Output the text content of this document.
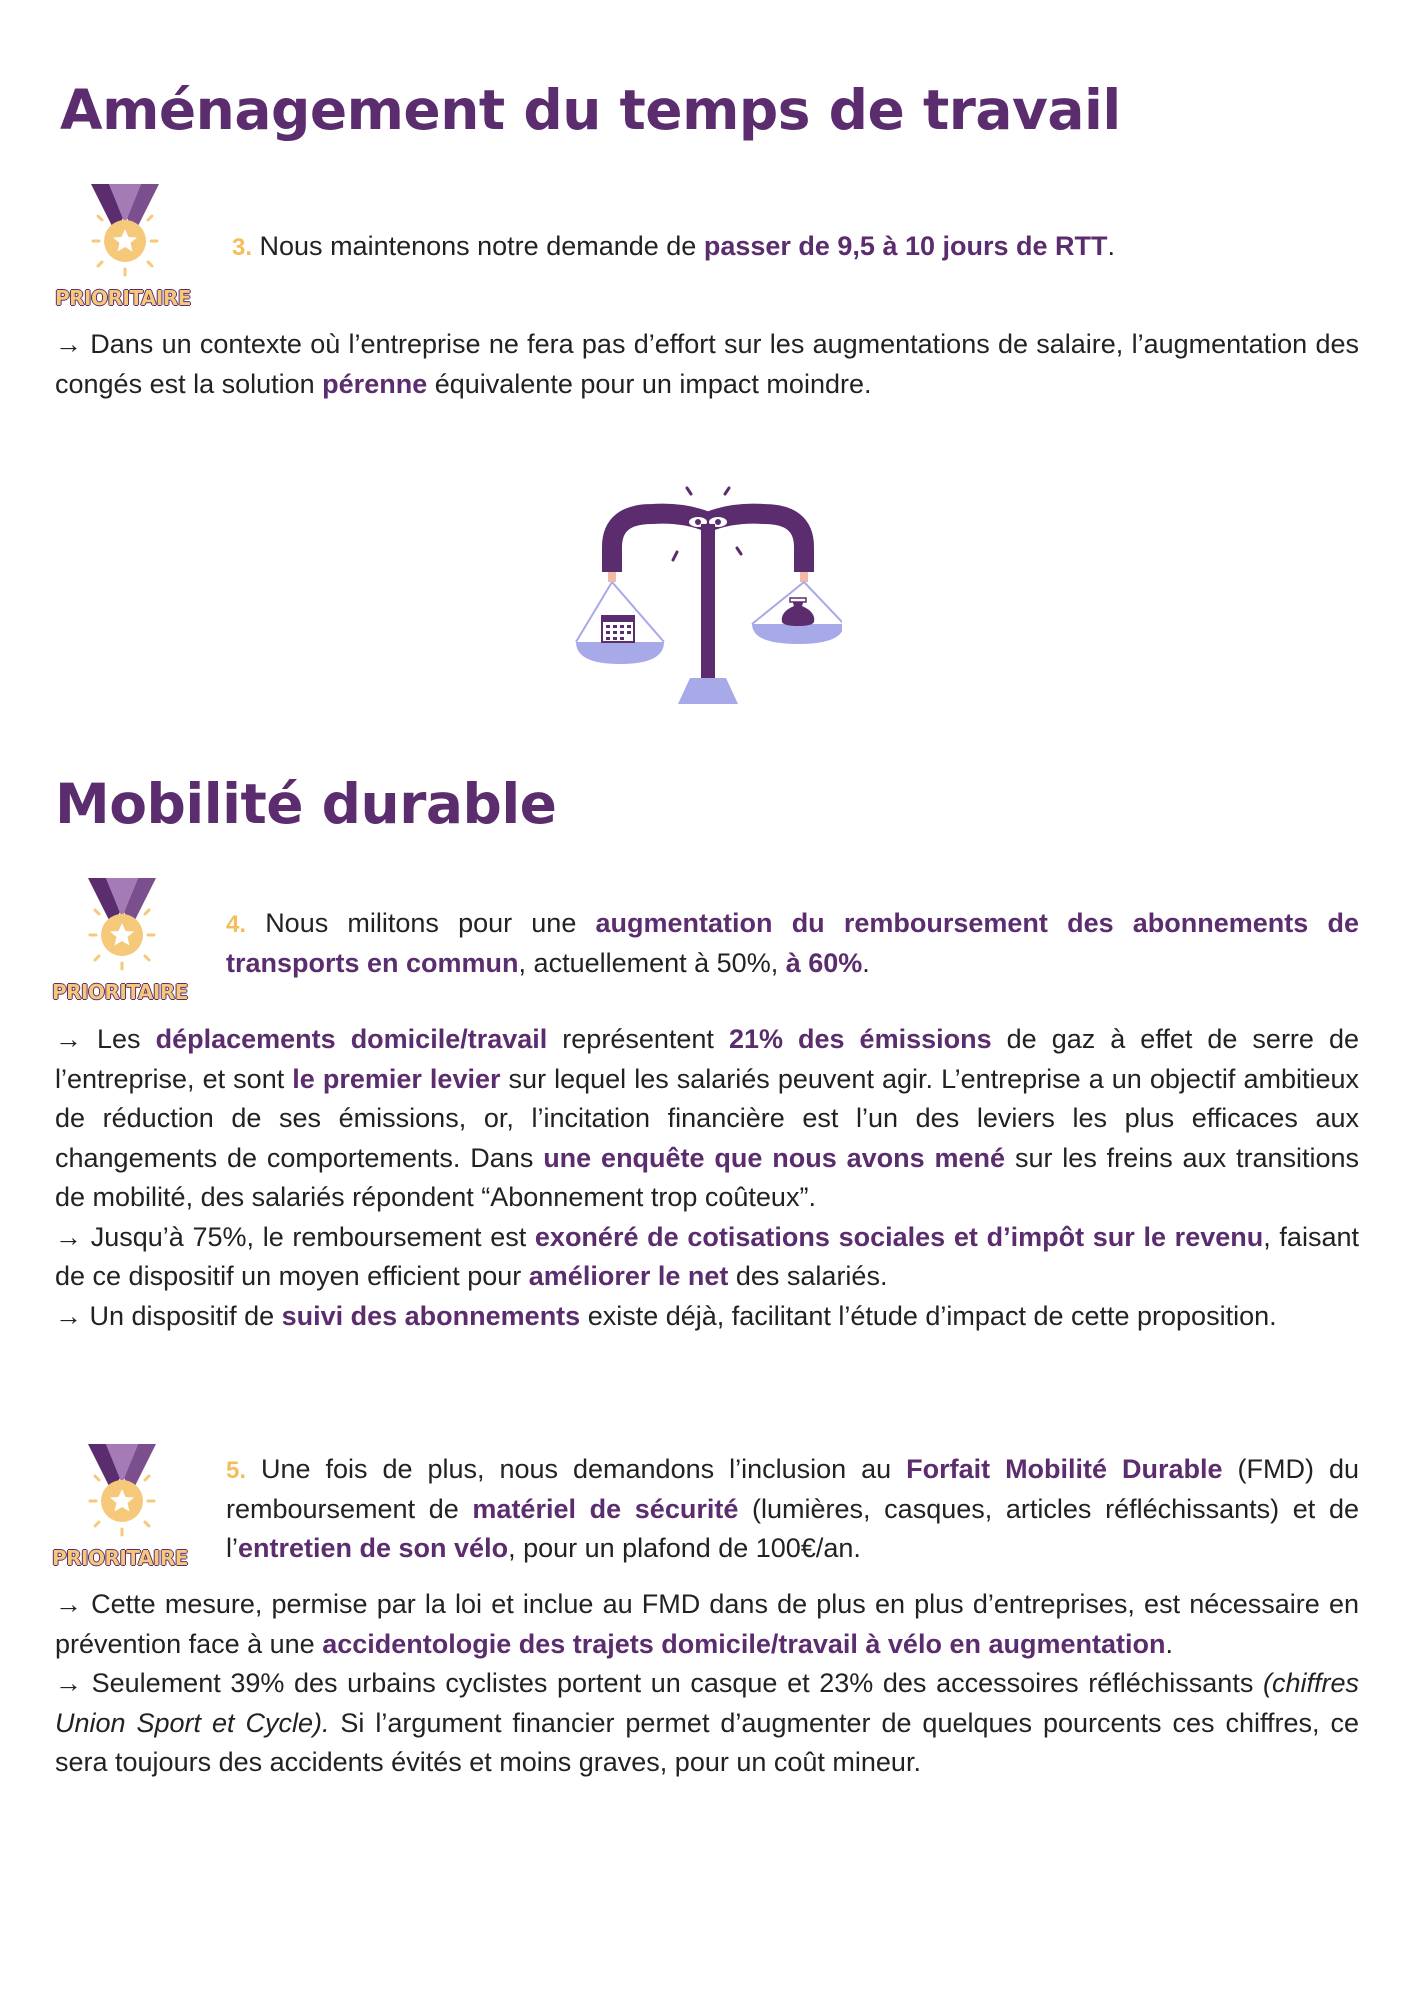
Aménagement du temps de travail
PRIORITAIRE
3. Nous maintenons notre demande de passer de 9,5 à 10 jours de RTT.

→ Dans un contexte où l’entreprise ne fera pas d’effort sur les augmentations de salaire, l’augmentation des congés est la solution pérenne équivalente pour un impact moindre.

Mobilité durable
PRIORITAIRE
4. Nous militons pour une augmentation du remboursement des abonnements de transports en commun, actuellement à 50%, à 60%.

→ Les déplacements domicile/travail représentent 21% des émissions de gaz à effet de serre de l’entreprise, et sont le premier levier sur lequel les salariés peuvent agir. L’entreprise a un objectif ambitieux de réduction de ses émissions, or, l’incitation financière est l’un des leviers les plus efficaces aux changements de comportements. Dans une enquête que nous avons mené sur les freins aux transitions de mobilité, des salariés répondent “Abonnement trop coûteux”.

→ Jusqu’à 75%, le remboursement est exonéré de cotisations sociales et d’impôt sur le revenu, faisant de ce dispositif un moyen efficient pour améliorer le net des salariés.

→ Un dispositif de suivi des abonnements existe déjà, facilitant l’étude d’impact de cette proposition.

PRIORITAIRE
5. Une fois de plus, nous demandons l’inclusion au Forfait Mobilité Durable (FMD) du remboursement de matériel de sécurité (lumières, casques, articles réfléchissants) et de l’entretien de son vélo, pour un plafond de 100€/an.

→ Cette mesure, permise par la loi et inclue au FMD dans de plus en plus d’entreprises, est nécessaire en prévention face à une accidentologie des trajets domicile/travail à vélo en augmentation.

→ Seulement 39% des urbains cyclistes portent un casque et 23% des accessoires réfléchissants (chiffres Union Sport et Cycle). Si l’argument financier permet d’augmenter de quelques pourcents ces chiffres, ce sera toujours des accidents évités et moins graves, pour un coût mineur.
